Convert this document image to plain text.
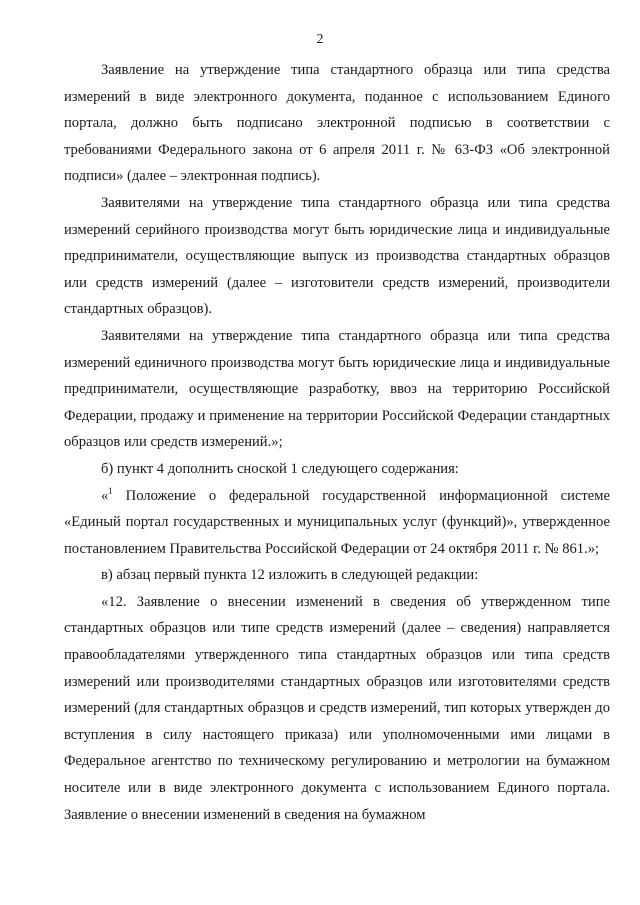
2

Заявление на утверждение типа стандартного образца или типа средства измерений в виде электронного документа, поданное с использованием Единого портала, должно быть подписано электронной подписью в соответствии с требованиями Федерального закона от 6 апреля 2011 г. № 63-ФЗ «Об электронной подписи» (далее – электронная подпись).

Заявителями на утверждение типа стандартного образца или типа средства измерений серийного производства могут быть юридические лица и индивидуальные предприниматели, осуществляющие выпуск из производства стандартных образцов или средств измерений (далее – изготовители средств измерений, производители стандартных образцов).

Заявителями на утверждение типа стандартного образца или типа средства измерений единичного производства могут быть юридические лица и индивидуальные предприниматели, осуществляющие разработку, ввоз на территорию Российской Федерации, продажу и применение на территории Российской Федерации стандартных образцов или средств измерений.»;

б) пункт 4 дополнить сноской 1 следующего содержания:

«$^1$ Положение о федеральной государственной информационной системе «Единый портал государственных и муниципальных услуг (функций)», утвержденное постановлением Правительства Российской Федерации от 24 октября 2011 г. № 861.»;

в) абзац первый пункта 12 изложить в следующей редакции:

«12. Заявление о внесении изменений в сведения об утвержденном типе стандартных образцов или типе средств измерений (далее – сведения) направляется правообладателями утвержденного типа стандартных образцов или типа средств измерений или производителями стандартных образцов или изготовителями средств измерений (для стандартных образцов и средств измерений, тип которых утвержден до вступления в силу настоящего приказа) или уполномоченными ими лицами в Федеральное агентство по техническому регулированию и метрологии на бумажном носителе или в виде электронного документа с использованием Единого портала. Заявление о внесении изменений в сведения на бумажном
